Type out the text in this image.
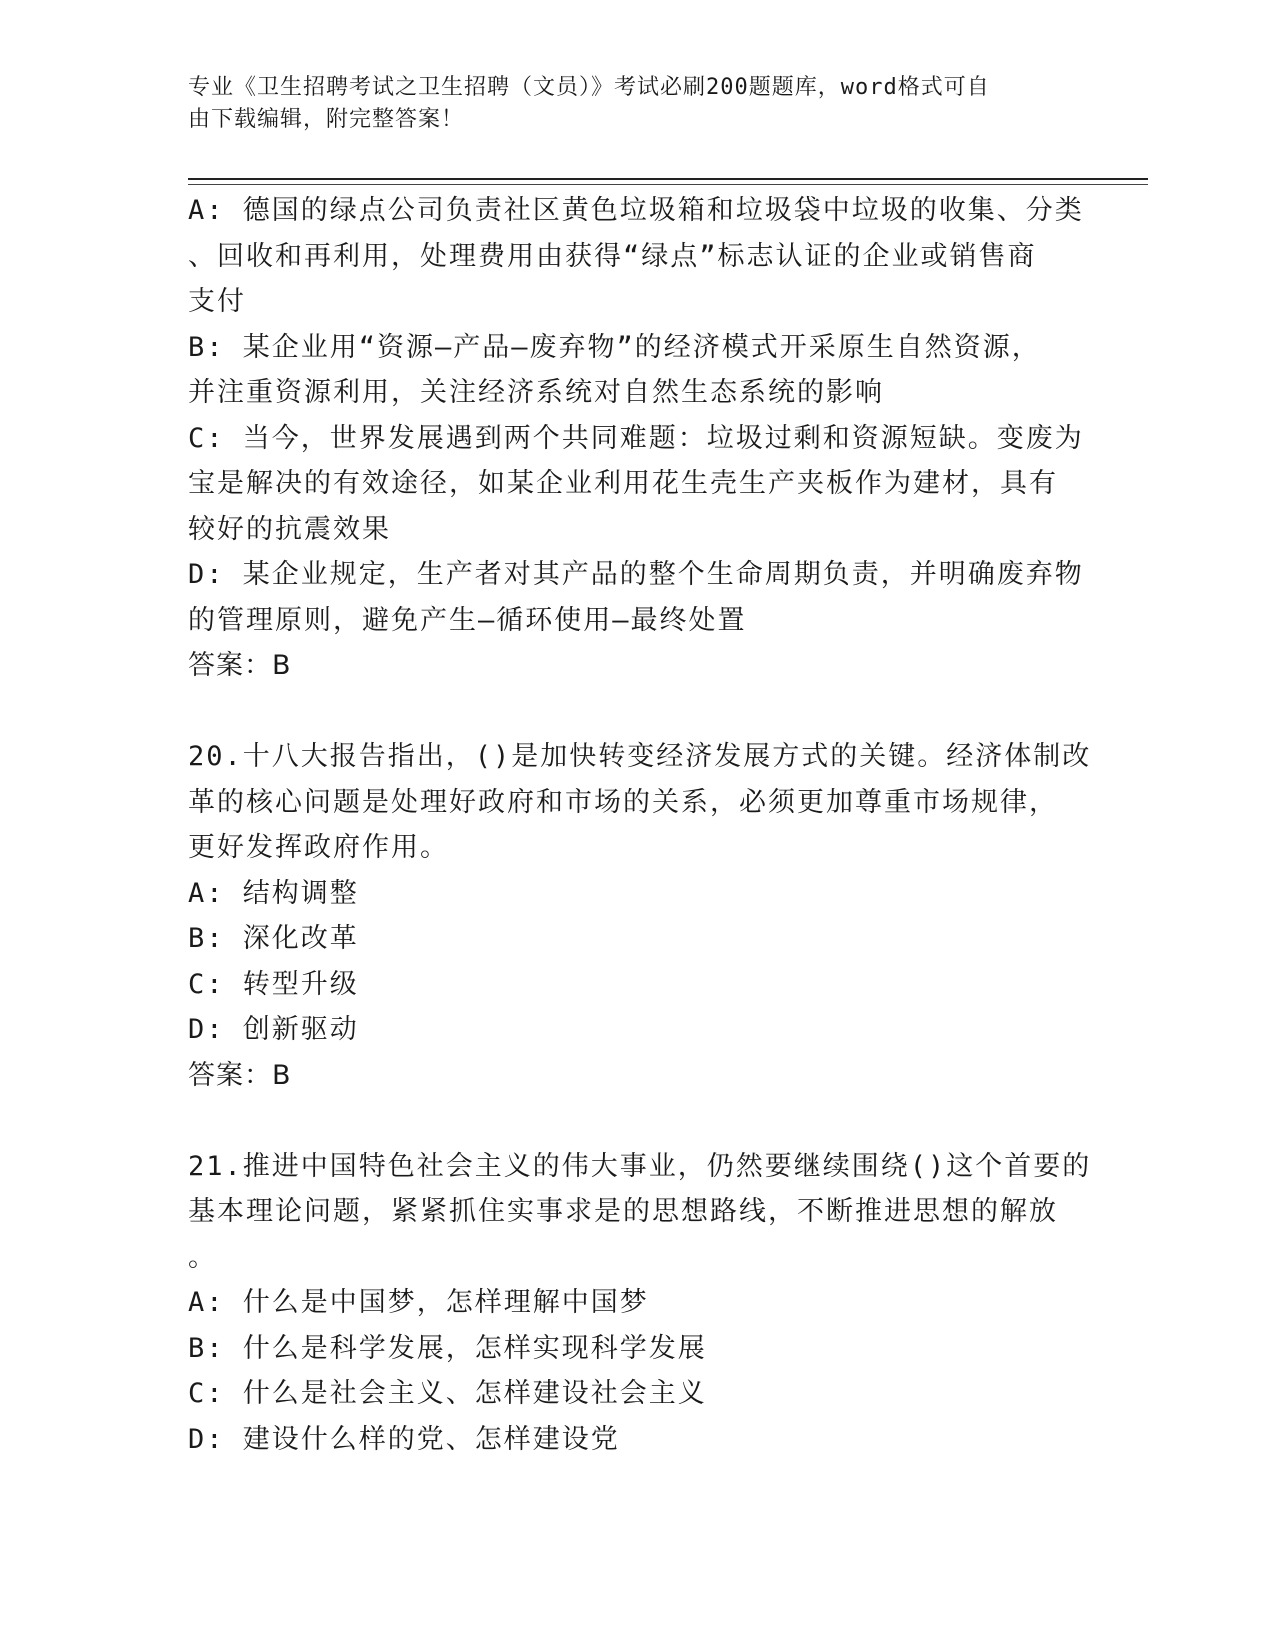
专业《卫生招聘考试之卫生招聘（文员）》考试必刷200题题库，word格式可自
由下载编辑，附完整答案！
A: 德国的绿点公司负责社区黄色垃圾箱和垃圾袋中垃圾的收集、分类
、回收和再利用，处理费用由获得“绿点”标志认证的企业或销售商
支付
B: 某企业用“资源—产品—废弃物”的经济模式开采原生自然资源，
并注重资源利用，关注经济系统对自然生态系统的影响
C: 当今，世界发展遇到两个共同难题：垃圾过剩和资源短缺。变废为
宝是解决的有效途径，如某企业利用花生壳生产夹板作为建材，具有
较好的抗震效果
D: 某企业规定，生产者对其产品的整个生命周期负责，并明确废弃物
的管理原则，避免产生—循环使用—最终处置
答案：B
20.十八大报告指出，()是加快转变经济发展方式的关键。经济体制改
革的核心问题是处理好政府和市场的关系，必须更加尊重市场规律，
更好发挥政府作用。
A: 结构调整
B: 深化改革
C: 转型升级
D: 创新驱动
答案：B
21.推进中国特色社会主义的伟大事业，仍然要继续围绕()这个首要的
基本理论问题，紧紧抓住实事求是的思想路线，不断推进思想的解放
。
A: 什么是中国梦，怎样理解中国梦
B: 什么是科学发展，怎样实现科学发展
C: 什么是社会主义、怎样建设社会主义
D: 建设什么样的党、怎样建设党
